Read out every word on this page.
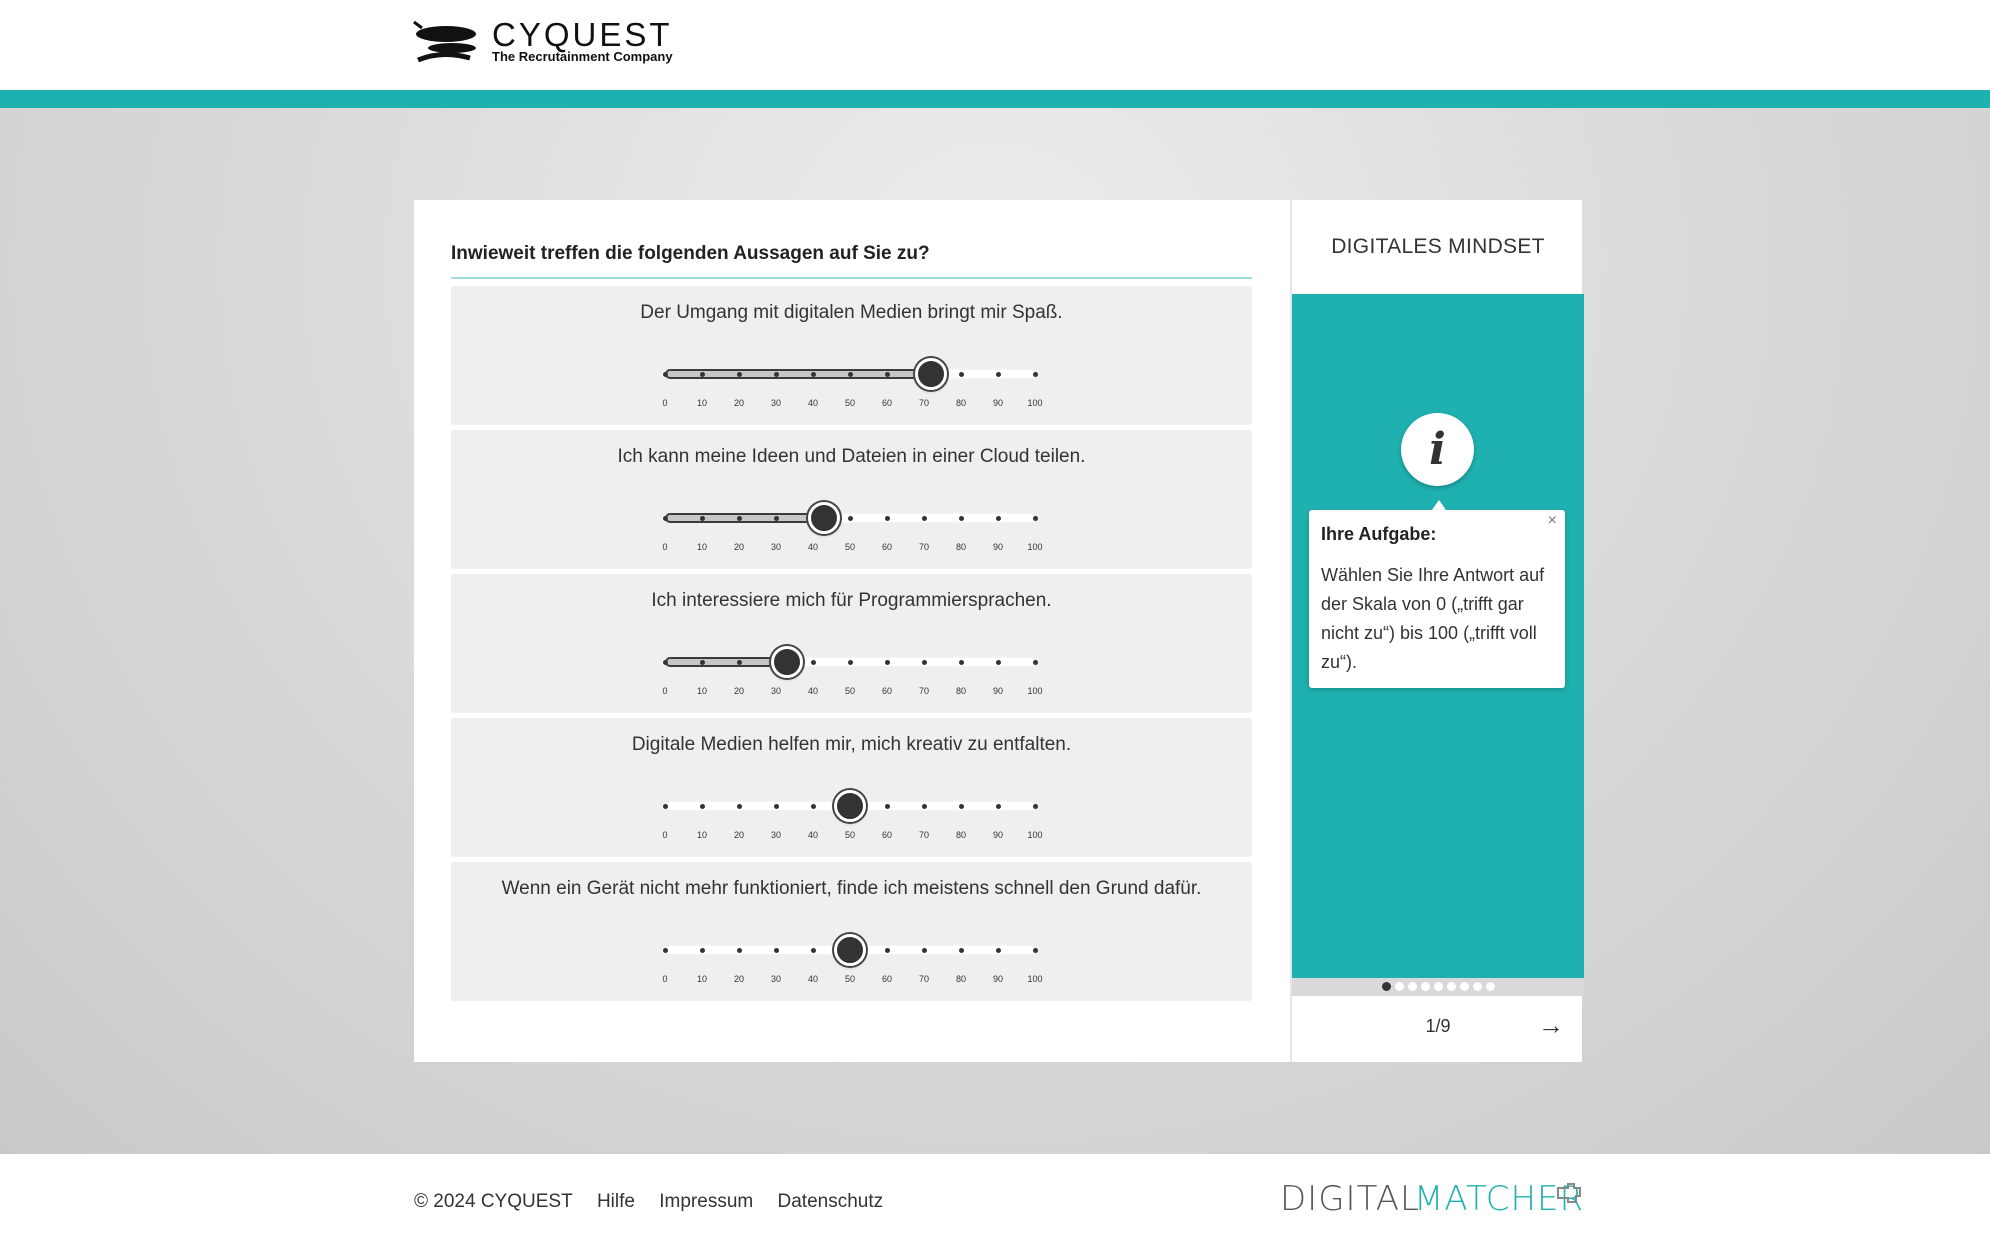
CYQUEST
The Recrutainment Company
Inwieweit treffen die folgenden Aussagen auf Sie zu?
Der Umgang mit digitalen Medien bringt mir Spaß.
0	10	20	30	40	50	60	70	80	90	100
Ich kann meine Ideen und Dateien in einer Cloud teilen.
0	10	20	30	40	50	60	70	80	90	100
Ich interessiere mich für Programmiersprachen.
0	10	20	30	40	50	60	70	80	90	100
Digitale Medien helfen mir, mich kreativ zu entfalten.
0	10	20	30	40	50	60	70	80	90	100
Wenn ein Gerät nicht mehr funktioniert, finde ich meistens schnell den Grund dafür.
0	10	20	30	40	50	60	70	80	90	100
DIGITALES MINDSET
i
×
Ihre Aufgabe:
Wählen Sie Ihre Antwort auf der Skala von 0 („trifft gar nicht zu“) bis 100 („trifft voll zu“).
1/9	→
© 2024 CYQUEST Hilfe Impressum Datenschutz	DIGITAL
MATCHER
